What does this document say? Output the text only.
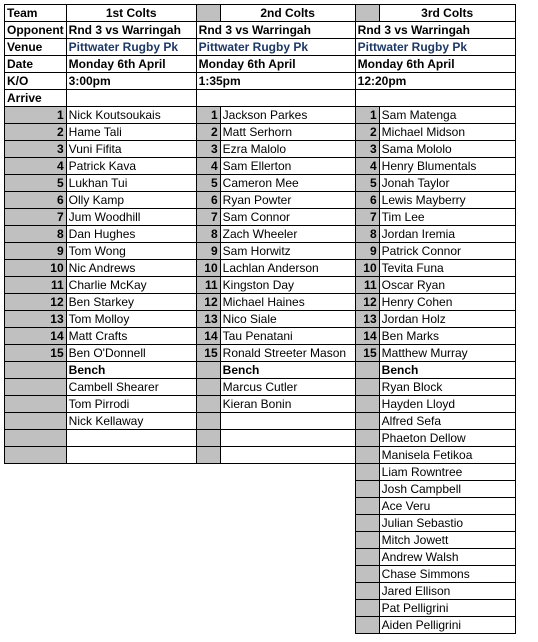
Team	1st Colts		2nd Colts		3rd Colts
Opponent	Rnd 3 vs Warringah	Rnd 3 vs Warringah		Rnd 3 vs Warringah	
Venue	Pittwater Rugby Pk	Pittwater Rugby Pk		Pittwater Rugby Pk	
Date	Monday 6th April	Monday 6th April		Monday 6th April	
K/O	3:00pm	1:35pm		12:20pm	
Arrive					
1	Nick Koutsoukais	1	Jackson Parkes	1	Sam Matenga
2	Hame Tali	2	Matt Serhorn	2	Michael Midson
3	Vuni Fifita	3	Ezra Malolo	3	Sama Mololo
4	Patrick Kava	4	Sam Ellerton	4	Henry Blumentals
5	Lukhan Tui	5	Cameron Mee	5	Jonah Taylor
6	Olly Kamp	6	Ryan Powter	6	Lewis Mayberry
7	Jum Woodhill	7	Sam Connor	7	Tim Lee
8	Dan Hughes	8	Zach Wheeler	8	Jordan Iremia
9	Tom Wong	9	Sam Horwitz	9	Patrick Connor
10	Nic Andrews	10	Lachlan Anderson	10	Tevita Funa
11	Charlie McKay	11	Kingston Day	11	Oscar Ryan
12	Ben Starkey	12	Michael Haines	12	Henry Cohen
13	Tom Molloy	13	Nico Siale	13	Jordan Holz
14	Matt Crafts	14	Tau Penatani	14	Ben Marks
15	Ben O'Donnell	15	Ronald Streeter Mason	15	Matthew Murray
	Bench		Bench		Bench
	Cambell Shearer		Marcus Cutler		Ryan Block
	Tom Pirrodi		Kieran Bonin		Hayden Lloyd
	Nick Kellaway				Alfred Sefa
					Phaeton Dellow
					Manisela Fetikoa
					Liam Rowntree
					Josh Campbell
					Ace Veru
					Julian Sebastio
					Mitch Jowett
					Andrew Walsh
					Chase Simmons
					Jared Ellison
					Pat Pelligrini
					Aiden Pelligrini
